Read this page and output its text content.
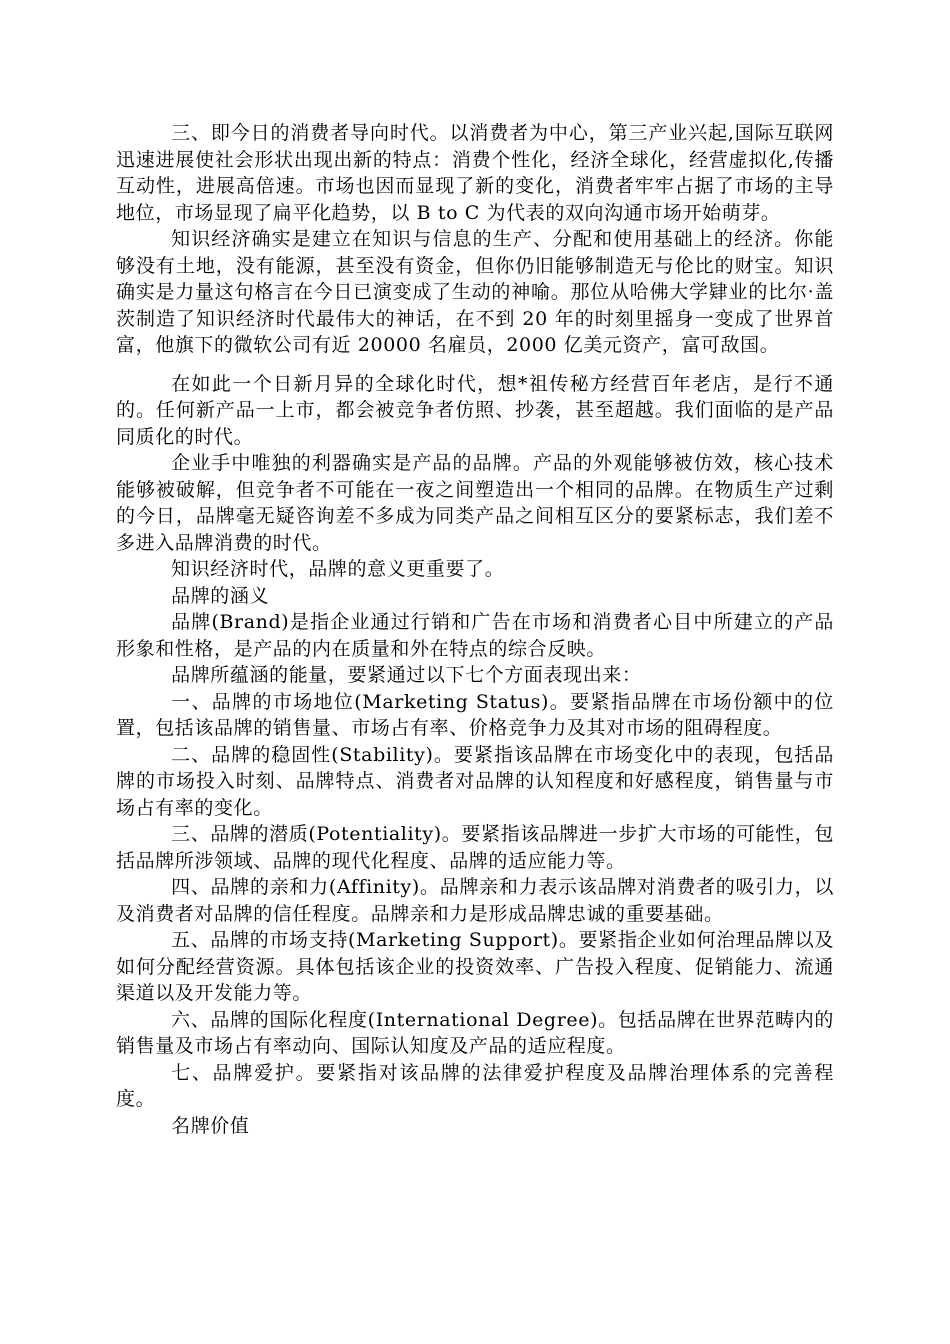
三、即今日的消费者导向时代。以消费者为中心，第三产业兴起,国际互联网迅速进展使社会形状出现出新的特点：消费个性化，经济全球化，经营虚拟化,传播互动性，进展高倍速。市场也因而显现了新的变化，消费者牢牢占据了市场的主导地位，市场显现了扁平化趋势，以 B to C 为代表的双向沟通市场开始萌芽。

知识经济确实是建立在知识与信息的生产、分配和使用基础上的经济。你能够没有土地，没有能源，甚至没有资金，但你仍旧能够制造无与伦比的财宝。知识确实是力量这句格言在今日已演变成了生动的神喻。那位从哈佛大学肄业的比尔·盖茨制造了知识经济时代最伟大的神话，在不到 20 年的时刻里摇身一变成了世界首富，他旗下的微软公司有近 20000 名雇员，2000 亿美元资产，富可敌国。

在如此一个日新月异的全球化时代，想*祖传秘方经营百年老店，是行不通的。任何新产品一上市，都会被竞争者仿照、抄袭，甚至超越。我们面临的是产品同质化的时代。

企业手中唯独的利器确实是产品的品牌。产品的外观能够被仿效，核心技术能够被破解，但竞争者不可能在一夜之间塑造出一个相同的品牌。在物质生产过剩的今日，品牌毫无疑咨询差不多成为同类产品之间相互区分的要紧标志，我们差不多进入品牌消费的时代。

知识经济时代，品牌的意义更重要了。

品牌的涵义

品牌(Brand)是指企业通过行销和广告在市场和消费者心目中所建立的产品形象和性格，是产品的内在质量和外在特点的综合反映。

品牌所蕴涵的能量，要紧通过以下七个方面表现出来：

一、品牌的市场地位(Marketing Status)。要紧指品牌在市场份额中的位置，包括该品牌的销售量、市场占有率、价格竞争力及其对市场的阻碍程度。

二、品牌的稳固性(Stability)。要紧指该品牌在市场变化中的表现，包括品牌的市场投入时刻、品牌特点、消费者对品牌的认知程度和好感程度，销售量与市场占有率的变化。

三、品牌的潜质(Potentiality)。要紧指该品牌进一步扩大市场的可能性，包括品牌所涉领域、品牌的现代化程度、品牌的适应能力等。

四、品牌的亲和力(Affinity)。品牌亲和力表示该品牌对消费者的吸引力，以及消费者对品牌的信任程度。品牌亲和力是形成品牌忠诚的重要基础。

五、品牌的市场支持(Marketing Support)。要紧指企业如何治理品牌以及如何分配经营资源。具体包括该企业的投资效率、广告投入程度、促销能力、流通渠道以及开发能力等。

六、品牌的国际化程度(International Degree)。包括品牌在世界范畴内的销售量及市场占有率动向、国际认知度及产品的适应程度。

七、品牌爱护。要紧指对该品牌的法律爱护程度及品牌治理体系的完善程度。

名牌价值
